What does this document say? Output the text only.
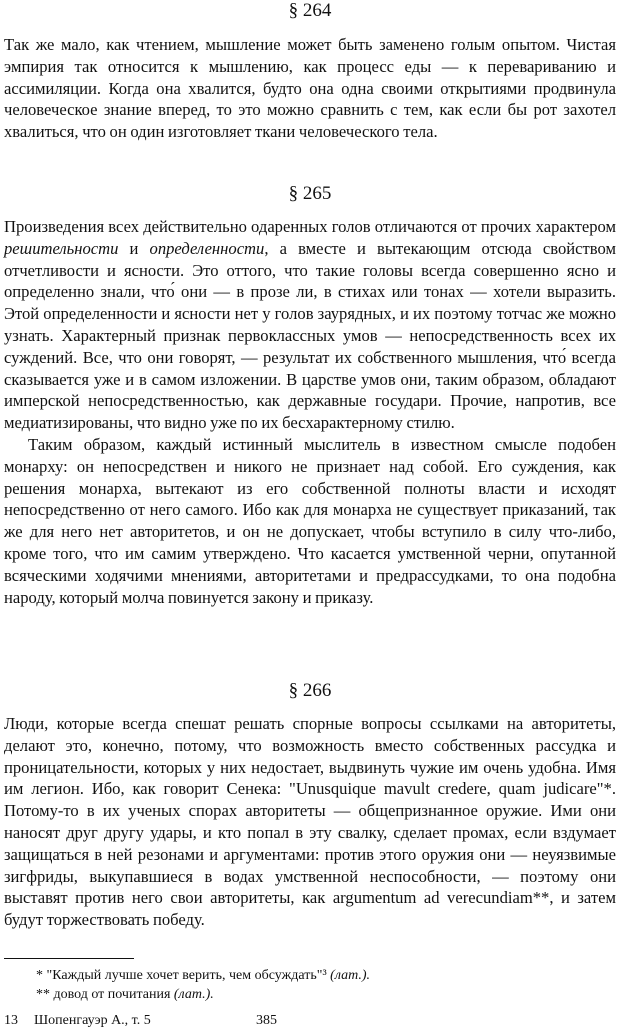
§ 264

Так же мало, как чтением, мышление может быть заменено голым опытом. Чистая эмпирия так относится к мышлению, как процесс еды — к перевариванию и ассимиляции. Когда она хвалится, будто она одна своими открытиями продвинула человеческое знание вперед, то это можно сравнить с тем, как если бы рот захотел хвалиться, что он один изготовляет ткани человеческого тела.

§ 265

Произведения всех действительно одаренных голов отличаются от прочих характером решительности и определенности, а вместе и вытекающим отсюда свойством отчетливости и ясности. Это оттого, что такие головы всегда совершенно ясно и определенно знали, что́ они — в прозе ли, в стихах или тонах — хотели выразить. Этой определенности и ясности нет у голов заурядных, и их поэтому тотчас же можно узнать. Характерный признак первоклассных умов — непосредственность всех их суждений. Все, что они говорят, — результат их собственного мышления, что́ всегда сказывается уже и в самом изложении. В царстве умов они, таким образом, обладают имперской непосредственностью, как державные государи. Прочие, напротив, все медиатизированы, что видно уже по их бесхарактерному стилю.

Таким образом, каждый истинный мыслитель в известном смысле подобен монарху: он непосредствен и никого не признает над собой. Его суждения, как решения монарха, вытекают из его собственной полноты власти и исходят непосредственно от него самого. Ибо как для монарха не существует приказаний, так же для него нет авторитетов, и он не допускает, чтобы вступило в силу что-либо, кроме того, что им самим утверждено. Что касается умственной черни, опутанной всяческими ходячими мнениями, авторитетами и предрассудками, то она подобна народу, который молча повинуется закону и приказу.

§ 266

Люди, которые всегда спешат решать спорные вопросы ссылками на авторитеты, делают это, конечно, потому, что возможность вместо собственных рассудка и проницательности, которых у них недостает, выдвинуть чужие им очень удобна. Имя им легион. Ибо, как говорит Сенека: "Unusquique mavult credere, quam judicare"*. Потому-то в их ученых спорах авторитеты — общепризнанное оружие. Ими они наносят друг другу удары, и кто попал в эту свалку, сделает промах, если вздумает защищаться в ней резонами и аргументами: против этого оружия они — неуязвимые зигфриды, выкупавшиеся в водах умственной неспособности, — поэтому они выставят против него свои авторитеты, как argumentum ad verecundiam**, и затем будут торжествовать победу.

* "Каждый лучше хочет верить, чем обсуждать"³ (лат.).
** довод от почитания (лат.).
13 Шопенгауэр А., т. 5	385
